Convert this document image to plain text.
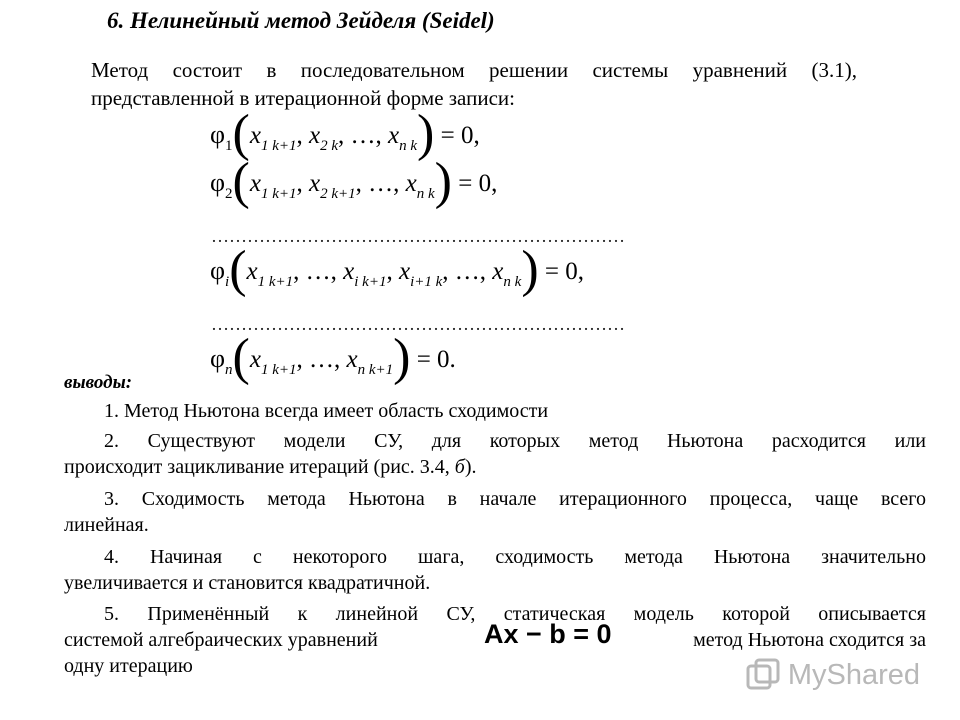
6. Нелинейный метод Зейделя (Seidel)
Метод состоит в последовательном решении системы уравнений (3.1),
представленной в итерационной форме записи:
$\varphi_1(x_{1 k+1}$, $x_{2 k}$, …, $x_{n k}) = 0$,
$\varphi_2(x_{1 k+1}$, $x_{2 k+1}$, …, $x_{n k}) = 0$,
……………………………………………………………
$\varphi_i(x_{1 k+1}$, …, $x_{i k+1}$, $x_{i+1 k}$, …, $x_{n k}) = 0$,
……………………………………………………………
$\varphi_n(x_{1 k+1}$, …, $x_{n k+1}) = 0$.
выводы:
1. Метод Ньютона всегда имеет область сходимости
2. Существуют модели СУ, для которых метод Ньютона расходится или
происходит зацикливание итераций (рис. 3.4, б).
3. Сходимость метода Ньютона в начале итерационного процесса, чаще всего
линейная.
4. Начиная с некоторого шага, сходимость метода Ньютона значительно
увеличивается и становится квадратичной.
5. Применённый к линейной СУ, статическая модель которой описывается
системой алгебраических уравнений	Ax − b = 0	метод Ньютона сходится за
одну итерацию	MyShared
